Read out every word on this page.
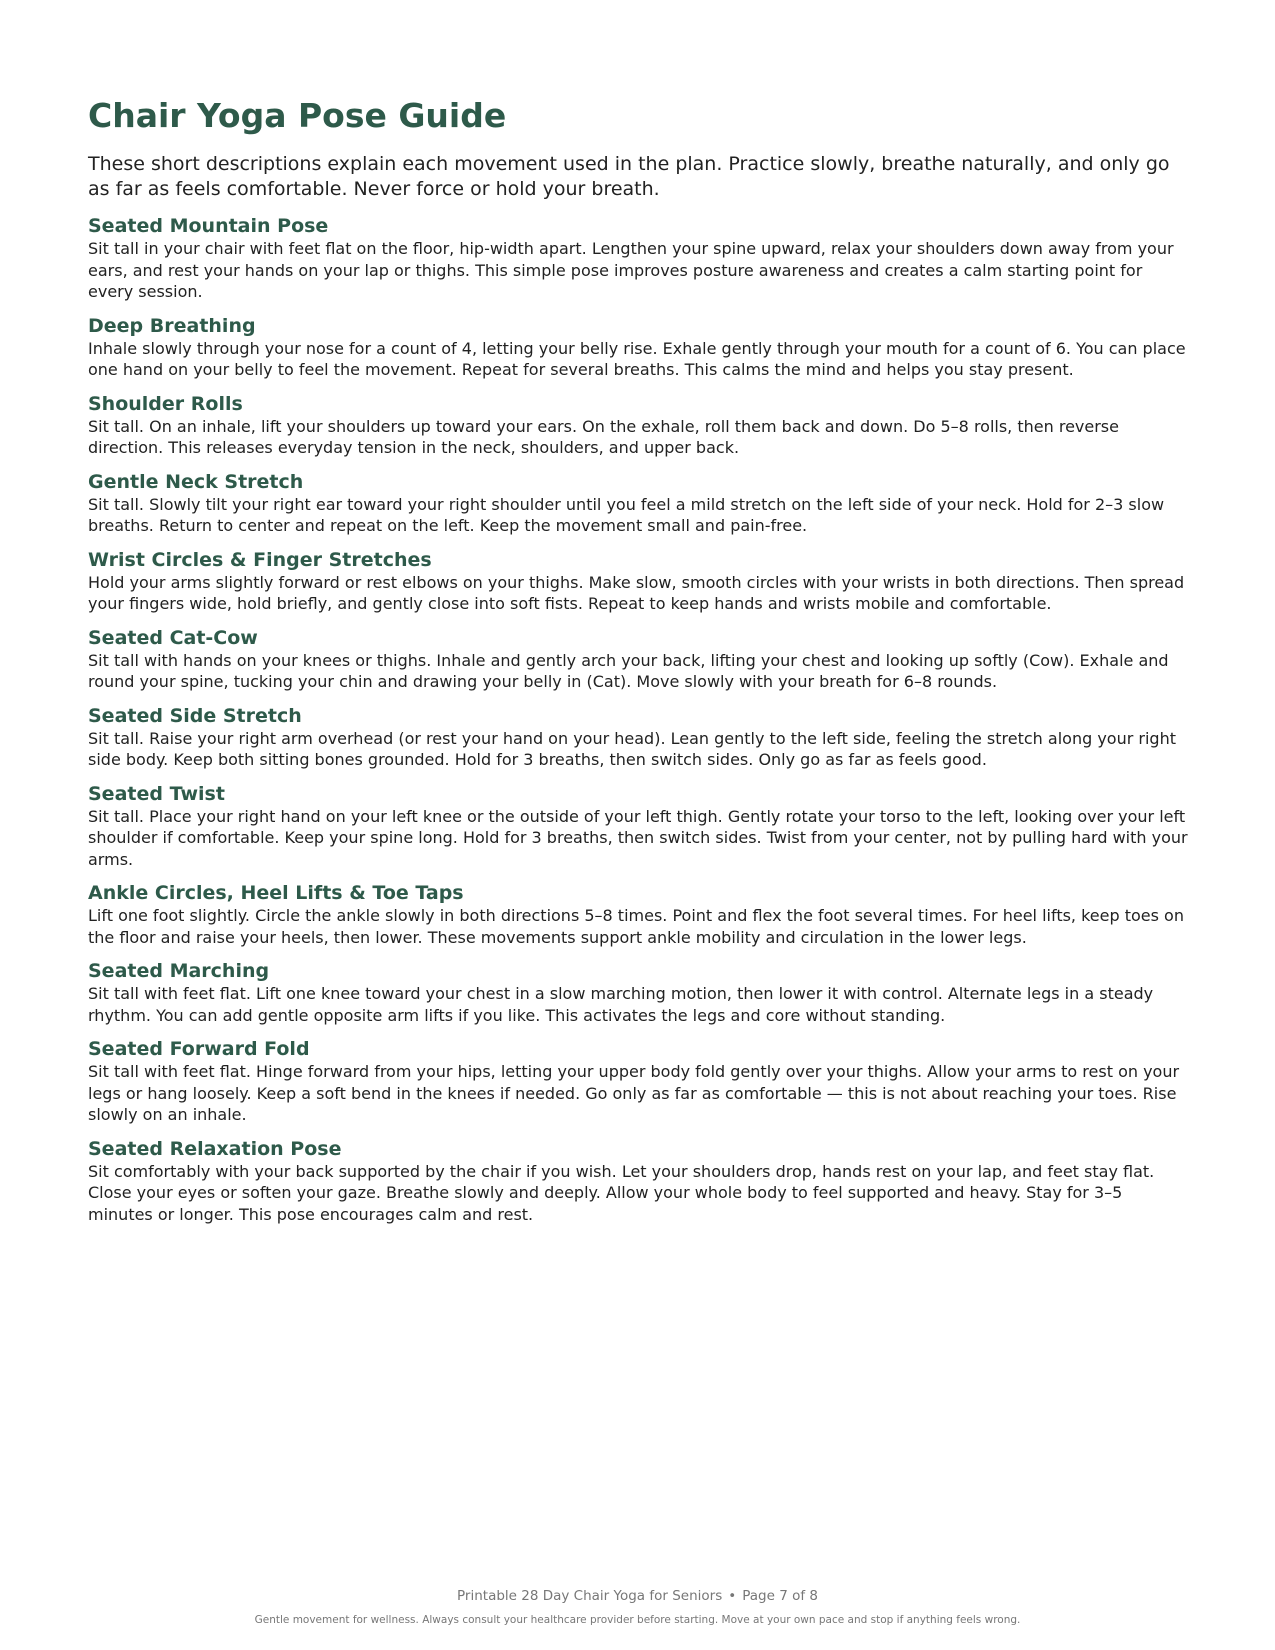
Chair Yoga Pose Guide

These short descriptions explain each movement used in the plan. Practice slowly, breathe naturally, and only go as far as feels comfortable. Never force or hold your breath.

Seated Mountain Pose

Sit tall in your chair with feet flat on the floor, hip-width apart. Lengthen your spine upward, relax your shoulders down away from your ears, and rest your hands on your lap or thighs. This simple pose improves posture awareness and creates a calm starting point for every session.

Deep Breathing

Inhale slowly through your nose for a count of 4, letting your belly rise. Exhale gently through your mouth for a count of 6. You can place one hand on your belly to feel the movement. Repeat for several breaths. This calms the mind and helps you stay present.

Shoulder Rolls

Sit tall. On an inhale, lift your shoulders up toward your ears. On the exhale, roll them back and down. Do 5–8 rolls, then reverse direction. This releases everyday tension in the neck, shoulders, and upper back.

Gentle Neck Stretch

Sit tall. Slowly tilt your right ear toward your right shoulder until you feel a mild stretch on the left side of your neck. Hold for 2–3 slow breaths. Return to center and repeat on the left. Keep the movement small and pain-free.

Wrist Circles & Finger Stretches

Hold your arms slightly forward or rest elbows on your thighs. Make slow, smooth circles with your wrists in both directions. Then spread your fingers wide, hold briefly, and gently close into soft fists. Repeat to keep hands and wrists mobile and comfortable.

Seated Cat-Cow

Sit tall with hands on your knees or thighs. Inhale and gently arch your back, lifting your chest and looking up softly (Cow). Exhale and round your spine, tucking your chin and drawing your belly in (Cat). Move slowly with your breath for 6–8 rounds.

Seated Side Stretch

Sit tall. Raise your right arm overhead (or rest your hand on your head). Lean gently to the left side, feeling the stretch along your right side body. Keep both sitting bones grounded. Hold for 3 breaths, then switch sides. Only go as far as feels good.

Seated Twist

Sit tall. Place your right hand on your left knee or the outside of your left thigh. Gently rotate your torso to the left, looking over your left shoulder if comfortable. Keep your spine long. Hold for 3 breaths, then switch sides. Twist from your center, not by pulling hard with your arms.

Ankle Circles, Heel Lifts & Toe Taps

Lift one foot slightly. Circle the ankle slowly in both directions 5–8 times. Point and flex the foot several times. For heel lifts, keep toes on the floor and raise your heels, then lower. These movements support ankle mobility and circulation in the lower legs.

Seated Marching

Sit tall with feet flat. Lift one knee toward your chest in a slow marching motion, then lower it with control. Alternate legs in a steady rhythm. You can add gentle opposite arm lifts if you like. This activates the legs and core without standing.

Seated Forward Fold

Sit tall with feet flat. Hinge forward from your hips, letting your upper body fold gently over your thighs. Allow your arms to rest on your legs or hang loosely. Keep a soft bend in the knees if needed. Go only as far as comfortable — this is not about reaching your toes. Rise slowly on an inhale.

Seated Relaxation Pose

Sit comfortably with your back supported by the chair if you wish. Let your shoulders drop, hands rest on your lap, and feet stay flat. Close your eyes or soften your gaze. Breathe slowly and deeply. Allow your whole body to feel supported and heavy. Stay for 3–5 minutes or longer. This pose encourages calm and rest.

Printable 28 Day Chair Yoga for Seniors • Page 7 of 8
Gentle movement for wellness. Always consult your healthcare provider before starting. Move at your own pace and stop if anything feels wrong.
